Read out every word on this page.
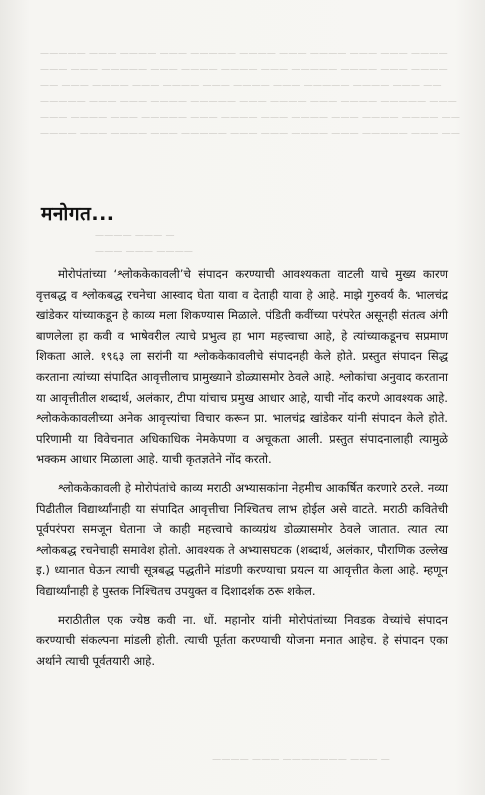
————— ——— ———— ——— ————— ———— ——— ———— ——— ——— ————
——— ——— ————— ——— ———— ———— ——— ————— ———— ——— ————
—— ——— ———— ——— ———— ——— ———— ——— ————— ———— ——— ——
————— ——— ——— ———— ————— ——— ———— ——— ———— ————— ———
——— ———— ——— ————— ——— ———— ——— ———— ——— ———— ———— ——
———— ——— ———— ——— ————— ——— ——— ———— ——— ————— ——— ——
———— ——— —
——— ——— ————
मनोगत...

मोरोपंतांच्या ‘श्लोककेकावली’चे संपादन करण्याची आवश्यकता वाटली याचे मुख्य कारण वृत्तबद्ध व श्लोकबद्ध रचनेचा आस्वाद घेता यावा व देताही यावा हे आहे. माझे गुरुवर्य कै. भालचंद्र खांडेकर यांच्याकडून हे काव्य मला शिकण्यास मिळाले. पंडिती कवींच्या परंपरेत असूनही संतत्व अंगी बाणलेला हा कवी व भाषेवरील त्याचे प्रभुत्व हा भाग महत्त्वाचा आहे, हे त्यांच्याकडूनच सप्रमाण शिकता आले. १९६३ ला सरांनी या श्लोककेकावलीचे संपादनही केले होते. प्रस्तुत संपादन सिद्ध करताना त्यांच्या संपादित आवृत्तीलाच प्रामुख्याने डोळ्यासमोर ठेवले आहे. श्लोकांचा अनुवाद करताना या आवृत्तीतील शब्दार्थ, अलंकार, टीपा यांचाच प्रमुख आधार आहे, याची नोंद करणे आवश्यक आहे. श्लोककेकावलीच्या अनेक आवृत्त्यांचा विचार करून प्रा. भालचंद्र खांडेकर यांनी संपादन केले होते. परिणामी या विवेचनात अधिकाधिक नेमकेपणा व अचूकता आली. प्रस्तुत संपादनालाही त्यामुळे भक्कम आधार मिळाला आहे. याची कृतज्ञतेने नोंद करतो.

श्लोककेकावली हे मोरोपंतांचे काव्य मराठी अभ्यासकांना नेहमीच आकर्षित करणारे ठरले. नव्या पिढीतील विद्यार्थ्यांनाही या संपादित आवृत्तीचा निश्चितच लाभ होईल असे वाटते. मराठी कवितेची पूर्वपरंपरा समजून घेताना जे काही महत्त्वाचे काव्यग्रंथ डोळ्यासमोर ठेवले जातात. त्यात त्या श्लोकबद्ध रचनेचाही समावेश होतो. आवश्यक ते अभ्यासघटक (शब्दार्थ, अलंकार, पौराणिक उल्लेख इ.) ध्यानात घेऊन त्याची सूत्रबद्ध पद्धतीने मांडणी करण्याचा प्रयत्न या आवृत्तीत केला आहे. म्हणून विद्यार्थ्यांनाही हे पुस्तक निश्चितच उपयुक्त व दिशादर्शक ठरू शकेल.

मराठीतील एक ज्येष्ठ कवी ना. धों. महानोर यांनी मोरोपंतांच्या निवडक वेच्यांचे संपादन करण्याची संकल्पना मांडली होती. त्याची पूर्तता करण्याची योजना मनात आहेच. हे संपादन एका अर्थाने त्याची पूर्वतयारी आहे.

———— ——— ——————— ——— —
